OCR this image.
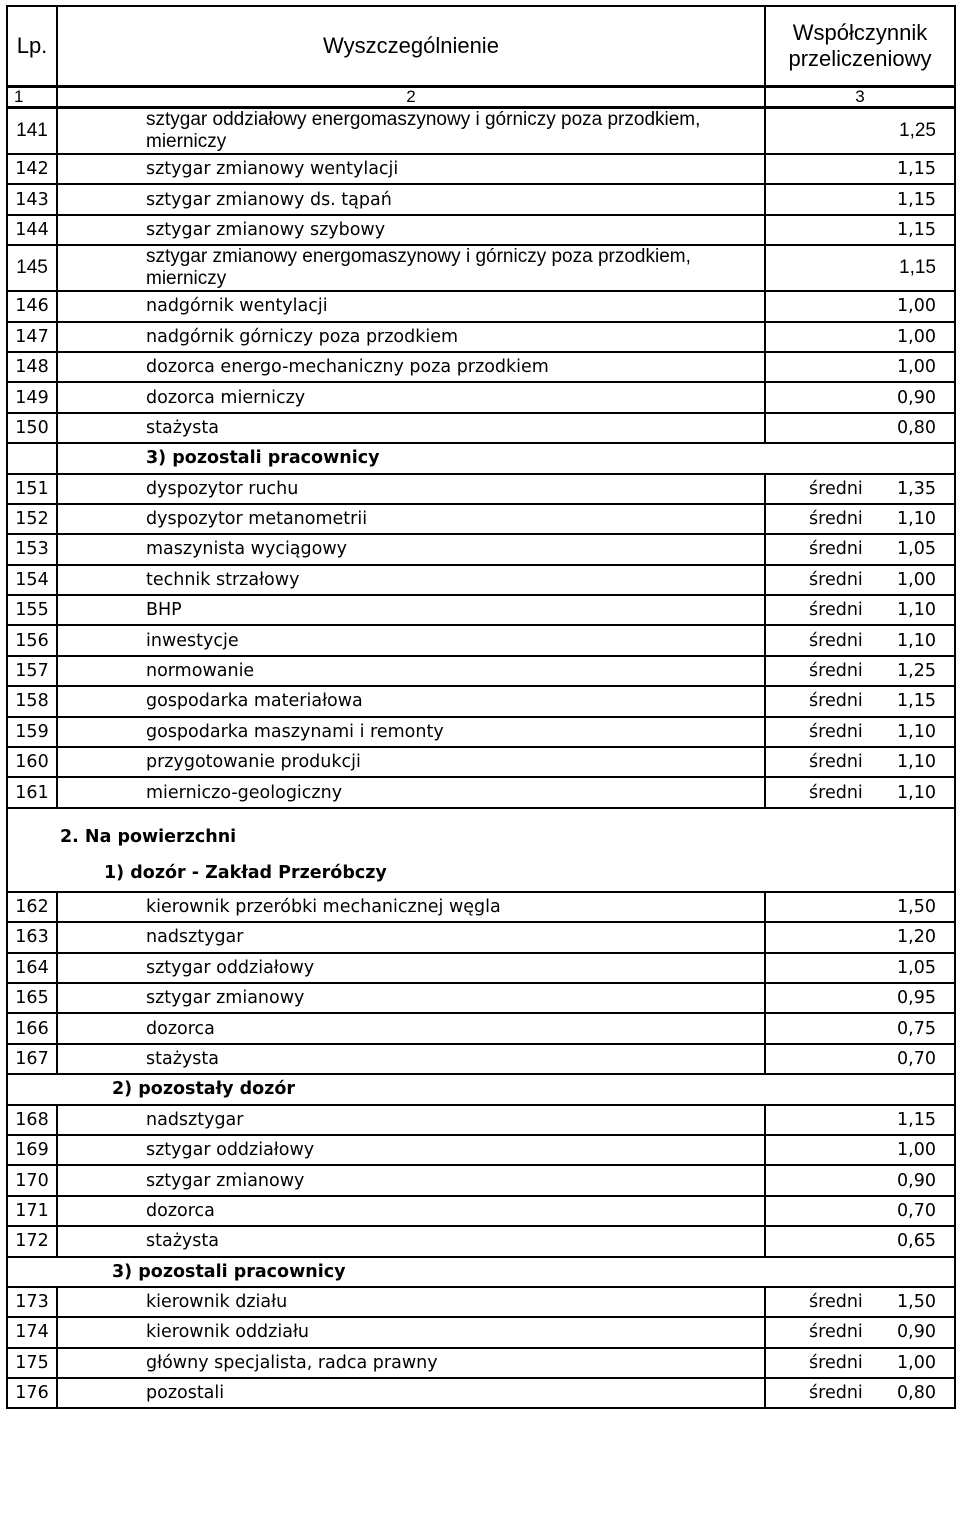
Lp.	Wyszczególnienie	Współczynnik przeliczeniowy
1	2	3
141	sztygar oddziałowy energomaszynowy i górniczy poza przodkiem, mierniczy	1,25
142	sztygar zmianowy wentylacji	1,15
143	sztygar zmianowy ds. tąpań	1,15
144	sztygar zmianowy szybowy	1,15
145	sztygar zmianowy energomaszynowy i górniczy poza przodkiem, mierniczy	1,15
146	nadgórnik wentylacji	1,00
147	nadgórnik górniczy poza przodkiem	1,00
148	dozorca energo-mechaniczny poza przodkiem	1,00
149	dozorca mierniczy	0,90
150	stażysta	0,80
	3) pozostali pracownicy	
151	dyspozytor ruchu	średni 1,35
152	dyspozytor metanometrii	średni 1,10
153	maszynista wyciągowy	średni 1,05
154	technik strzałowy	średni 1,00
155	BHP	średni 1,10
156	inwestycje	średni 1,10
157	normowanie	średni 1,25
158	gospodarka materiałowa	średni 1,15
159	gospodarka maszynami i remonty	średni 1,10
160	przygotowanie produkcji	średni 1,10
161	mierniczo-geologiczny	średni 1,10
2. Na powierzchni		
1) dozór - Zakład Przeróbczy		
162	kierownik przeróbki mechanicznej węgla	1,50
163	nadsztygar	1,20
164	sztygar oddziałowy	1,05
165	sztygar zmianowy	0,95
166	dozorca	0,75
167	stażysta	0,70
2) pozostały dozór		
168	nadsztygar	1,15
169	sztygar oddziałowy	1,00
170	sztygar zmianowy	0,90
171	dozorca	0,70
172	stażysta	0,65
3) pozostali pracownicy		
173	kierownik działu	średni 1,50
174	kierownik oddziału	średni 0,90
175	główny specjalista, radca prawny	średni 1,00
176	pozostali	średni 0,80
